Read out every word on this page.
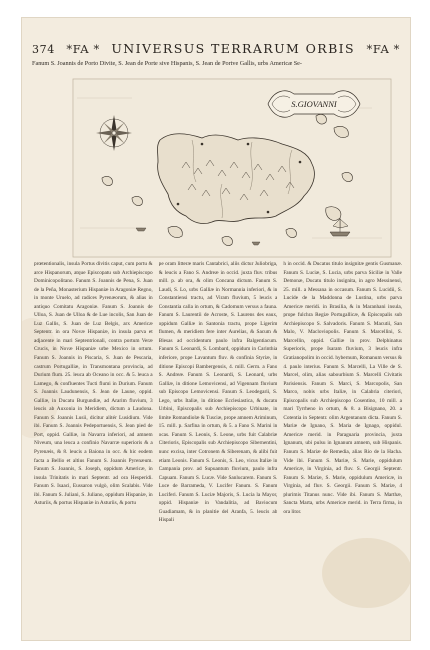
374 *FA * UNIVERSUS TERRARUM ORBIS *FA *
Fanum S. Joannis de Porto Divite, S. Jean de Porte sive Hispanis, S. Jean de Portve Gallis, urbs Americæ Se-
S.GIOVANNI

prœtentionalis, insula Portus divitis caput, cum portu & arce Hispanorum, atque Episcopatu sub Archiepiscopo Dominicopolitano. Fanum S. Joannis de Pena, S. Juan de la Peña, Monasterium Hispaniæ in Aragoniæ Regno, in monte Uruelo, ad radices Pyrenæorum, & alias in antiquo Comitatu Aragoniæ. Fanum S. Joannis de Ulloa, S. Juan de Ulloa & de Lue incolis, San Juan de Luz Gallis, S. Juan de Luz Belgis, arx Americæ Septentr. in ora Novæ Hispaniæ, in insula parva et adjacente in mari Septentrionali, contra portum Veræ Crucis, in Novæ Hispaniæ urbe Mexico in ortum. Fanum S. Joannis in Piscaria, S. Juan de Pescaria, castrum Portugalliæ, in Transmontana provincia, ad Durium flum. 25. leuca ab Oceano in occ. & 5. leuca a Lamego, & confluentes Tucti flumi in Durium. Fanum S. Joannis Laudunensis, S. Jean de Laune, oppid. Galliæ, in Ducatu Burgundiæ, ad Ararim fluvium, 3 leucis ab Auxonia in Meridiem, dictum a Laudona. Fanum S. Joannis Lusii, dicitur alitér Lusidium. Vide ibi. Fanum S. Joannis Pedeportuensis, S. Jean pied de Port, oppid. Galliæ, in Navarra inferiori, ad amnem Niveum, una leuca a confinio Navarræ superioris & a Pyrenæis, & 8. leucis a Baiona in occ. & hic eodem facta a Bellio et altius Fanum S. Joannis Pyrenæum. Fanum S. Joannis, S. Joseph, oppidum Americæ, in insula Trinitatis in mari Septentr. ad ora Hesperidi. Fanum S. Isaaci, Eussaron vulgò, olim Scalabis. Vide ibi. Fanum S. Juliani, S. Juliano, oppidum Hispaniæ, in Asturiis, & portus Hispaniæ in Asturiis, & portu

pe oram litteræ maris Cantabrici, aliis dictur Juliobriga, & leucis a Fano S. Andreæ in occid. juxta fluv. tribus mill. p. ab ora, & olim Concana dictum. Fanum S. Laudi, S. Lo, urbs Galliæ in Normannia inferiori, & in Constantiensi tractu, ad Viram fluvium, 5 leucis a Constantia calla in ortum, & Cadomum versus a fauna. Fanum S. Laurentii de Acroste, S. Laurens des eaux, oppidum Galliæ in Santonia tractu, prope Ligerim flumen, & meridiem fere inter Aurelias, & Sacum & Blesas ad occidentum paulo infra Balgentiacum. Fanum S. Leonardi, S. Lombard, oppidum in Carinthia inferiore, prope Lavantum fluv. & confinia Styriæ, in ditione Episcopi Bambergensis, 4. mill. Germ. a Fano S. Andreæ. Fanum S. Leonardi, S. Leonard, urbs Galliæ, in ditione Lemovicensi, ad Vigennam fluvium sub Episcopo Lemovicensi. Fanum S. Leodegarii, S. Lego, urbs Italiæ, in ditione Ecclesiastica, & ducatu Urbini, Episcopalis sub Archiepiscopo Urbinate, in limite Romandiolæ & Tusciæ, prope amnem Ariminum, 15. mill. p. Sarfina in ortum, & 5. a Fano S. Marini in ocas. Fanum S. Leonis, S. Leone, urbs fuit Calabriæ Citerioris, Episcopalis sub Archiepiscopo Sibernentini, nunc excisa, inter Cotronem & Siberenam, & alibi fuit etiam Leonis. Fanum S. Leonis, S. Leo, vicus Italiæ in Campania prov. ad Supuantum fluvium, paulo infra Capuam. Fanum S. Lucæ. Vide Sanlucarem. Fanum S. Luce de Barrameda, V. Lucifer Fanum. S. Fanum Luciferi. Fanum S. Luciæ Majoris, S. Lucia la Mayor, oppid. Hispaniæ in Vandalitia, ad Baviocum Guadiamam, & in planitie del Aranfa, 5. leucis ab Hispali

h in occid. & Ducatus titulo insignitæ gentis Gusmanæ. Fanum S. Luciæ, S. Lucia, urbs parva Siciliæ in Valle Demonæ, Ducatu titulo insignita, in agro Messinensi, 25. mill. a Messana in occasum. Fanum S. Lucidii, S. Lucide de la Maddonna de Lustina, urbs parva Americæ meridi. in Brasilia, & in Maranhani insula, prope fulchra Regiæ Portugallicæ, & Episcopalis sub Archiepiscopo S. Salvadoris. Fanum S. Macutii, San Malo, V. Macloviopolis. Fanum S. Marcellini, S. Marcellin, oppid. Galliæ in prov. Delphinatus Superioris, prope Isaram fluvium, 3 leucis infra Gratianopolim in occid. hybernum, Romanum versus & 4. paulo interius. Fanum S. Marcelli, La Ville de S. Marcel, olim, alias sabourbium S. Marcelli Civitatis Parisiensis. Fanum S. Marci, S. Marcopolis, San Marco, nobis urbs Italiæ, in Calabria citeriori, Episcopalis sub Archiepiscopo Cosentino, 10 mill. a mari Tyrrheno in ortum, & 8. a Bisignano, 20. a Cotentia in Septentr. olim Argentanum dicta. Fanum S. Mariæ de Ignano, S. Maria de Ignago, oppidul. Americæ merid. in Paraguaria provincia, juxta Ignanum, ubi pulsu in Ignanum amnem, sub Hispanis. Fanum S. Mariæ de Remedia, alias Rio de la Hacha. Vide ibi. Fanum S. Mariæ, S. Marie, oppidulum Americæ, in Virginia, ad fluv. S. Georgii Septentr. Fanum S. Mariæ, S. Marie, oppidulum Americæ, in Virginia, ad fluv. S. Georgii. Fanum S. Mariæ, 4 plurimis Titanus nunc. Vide ibi. Fanum S. Marthæ, Sancta Marta, urbs Americæ merid. in Terra firma, in ora litor.
